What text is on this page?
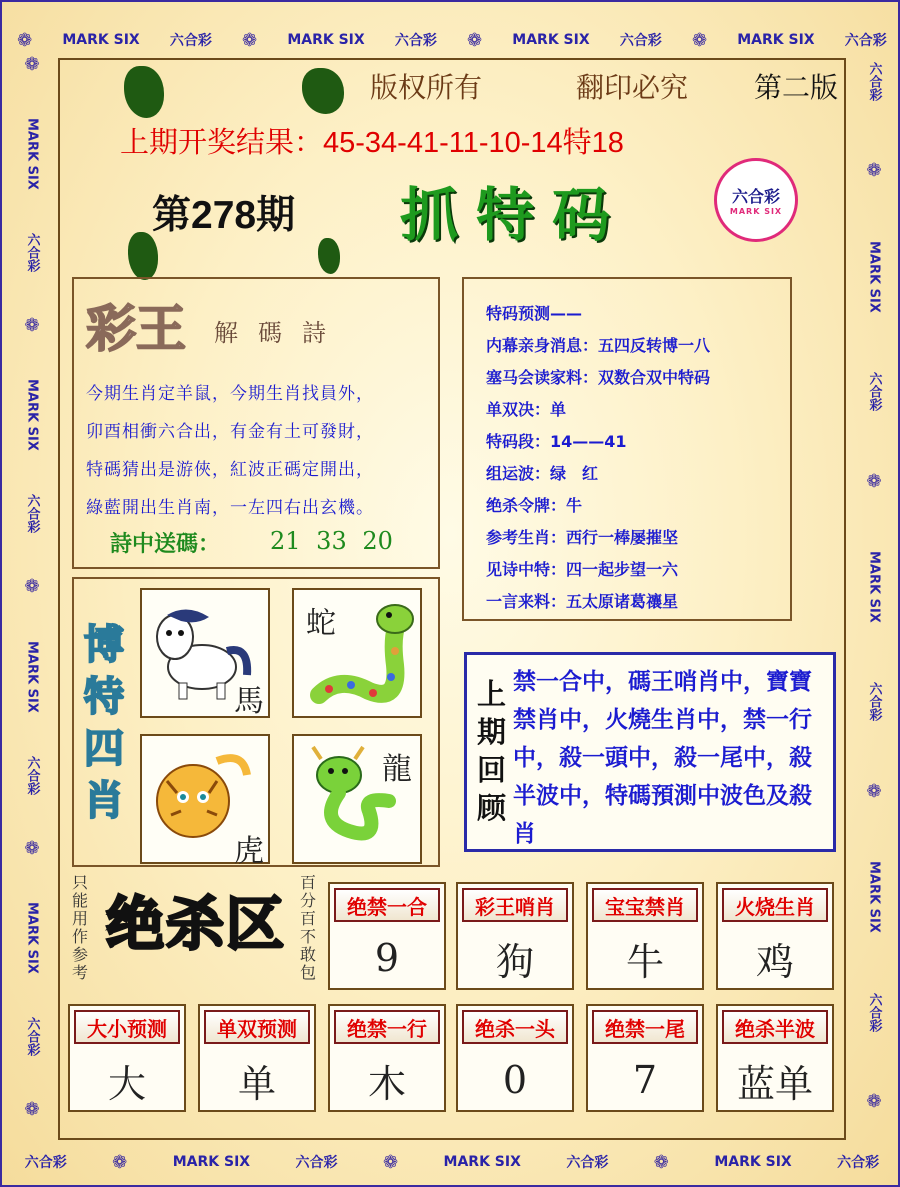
❁ MARK SIX 六合彩 ❁ MARK SIX 六合彩 ❁ MARK SIX 六合彩 ❁ MARK SIX 六合彩
六合彩	❁	MARK SIX	六合彩	❁	MARK SIX	六合彩	❁	MARK SIX	六合彩
❁
MARK SIX
六合彩
❁
MARK SIX
六合彩
❁
MARK SIX
六合彩
❁
MARK SIX
六合彩
❁
六合彩
❁
MARK SIX
六合彩
❁
MARK SIX
六合彩
❁
MARK SIX
六合彩
❁
版权所有	翻印必究 第二版
上期开奖结果：45-34-41-11-10-14特18
第278期 抓特码	六合彩
MARK SIX
彩王 解碼詩
今期生肖定羊鼠，今期生肖找員外，
卯酉相衝六合出，有金有土可發財，
特碼猜出是游俠，紅波正碼定開出，
綠藍開出生肖南，一左四右出玄機。
詩中送碼： 21 33 20
特码预测——
内幕亲身消息：五四反转博一八
塞马会读家料：双数合双中特码
单双决：单
特码段：14——41
组运波：绿　红
绝杀令牌：牛
参考生肖：西行一棒屡摧坚
见诗中特：四一起步望一六
一言来料：五太原诸葛禳星
博
特
四
肖
馬
蛇
虎
龍
上期回顾
禁一合中，碼王哨肖中，寶寶禁肖中，火燒生肖中，禁一行中，殺一頭中，殺一尾中，殺半波中，特碼預測中波色及殺肖
只能用作参考
绝杀区
百分百不敢包
绝禁一合
9
彩王哨肖
狗
宝宝禁肖
牛
火烧生肖
鸡
大小预测
大
单双预测
单
绝禁一行
木
绝杀一头
0
绝禁一尾
7
绝杀半波
蓝单
